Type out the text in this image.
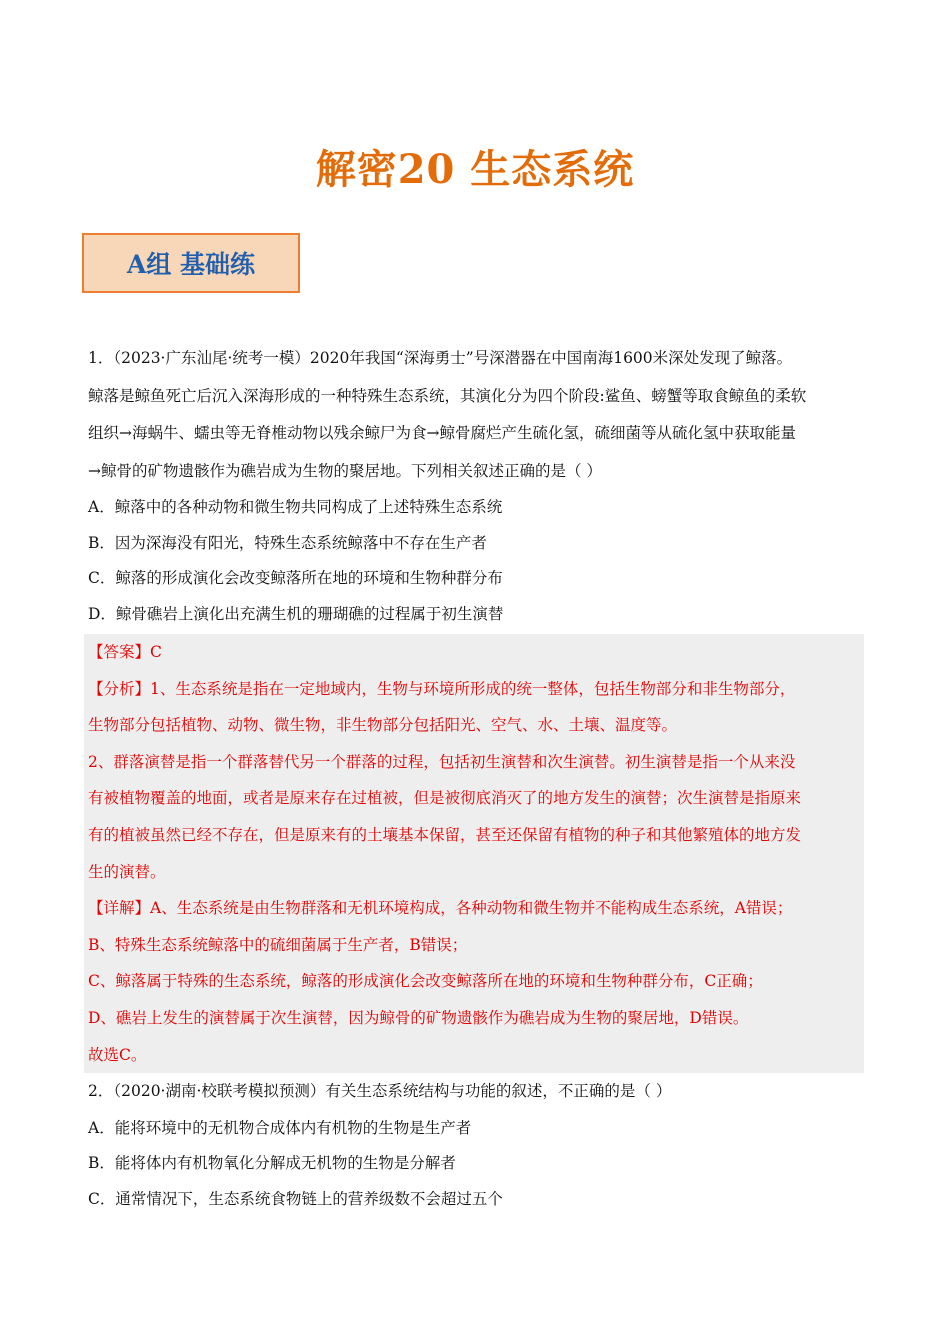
解密20 生态系统
A组 基础练
1．（2023·广东汕尾·统考一模）2020年我国“深海勇士”号深潜器在中国南海1600米深处发现了鲸落。
鲸落是鲸鱼死亡后沉入深海形成的一种特殊生态系统，其演化分为四个阶段:鲨鱼、螃蟹等取食鲸鱼的柔软
组织→海蜗牛、蠕虫等无脊椎动物以残余鲸尸为食→鲸骨腐烂产生硫化氢，硫细菌等从硫化氢中获取能量
→鲸骨的矿物遗骸作为礁岩成为生物的聚居地。下列相关叙述正确的是（ ）
A．鲸落中的各种动物和微生物共同构成了上述特殊生态系统
B．因为深海没有阳光，特殊生态系统鲸落中不存在生产者
C．鲸落的形成演化会改变鲸落所在地的环境和生物种群分布
D．鲸骨礁岩上演化出充满生机的珊瑚礁的过程属于初生演替
【答案】C
【分析】1、生态系统是指在一定地域内，生物与环境所形成的统一整体，包括生物部分和非生物部分，
生物部分包括植物、动物、微生物，非生物部分包括阳光、空气、水、土壤、温度等。
2、群落演替是指一个群落替代另一个群落的过程，包括初生演替和次生演替。初生演替是指一个从来没
有被植物覆盖的地面，或者是原来存在过植被，但是被彻底消灭了的地方发生的演替；次生演替是指原来
有的植被虽然已经不存在，但是原来有的土壤基本保留，甚至还保留有植物的种子和其他繁殖体的地方发
生的演替。
【详解】A、生态系统是由生物群落和无机环境构成，各种动物和微生物并不能构成生态系统，A错误；
B、特殊生态系统鲸落中的硫细菌属于生产者，B错误；
C、鲸落属于特殊的生态系统，鲸落的形成演化会改变鲸落所在地的环境和生物种群分布，C正确；
D、礁岩上发生的演替属于次生演替，因为鲸骨的矿物遗骸作为礁岩成为生物的聚居地，D错误。
故选C。
2．（2020·湖南·校联考模拟预测）有关生态系统结构与功能的叙述，不正确的是（ ）
A．能将环境中的无机物合成体内有机物的生物是生产者
B．能将体内有机物氧化分解成无机物的生物是分解者
C．通常情况下，生态系统食物链上的营养级数不会超过五个
